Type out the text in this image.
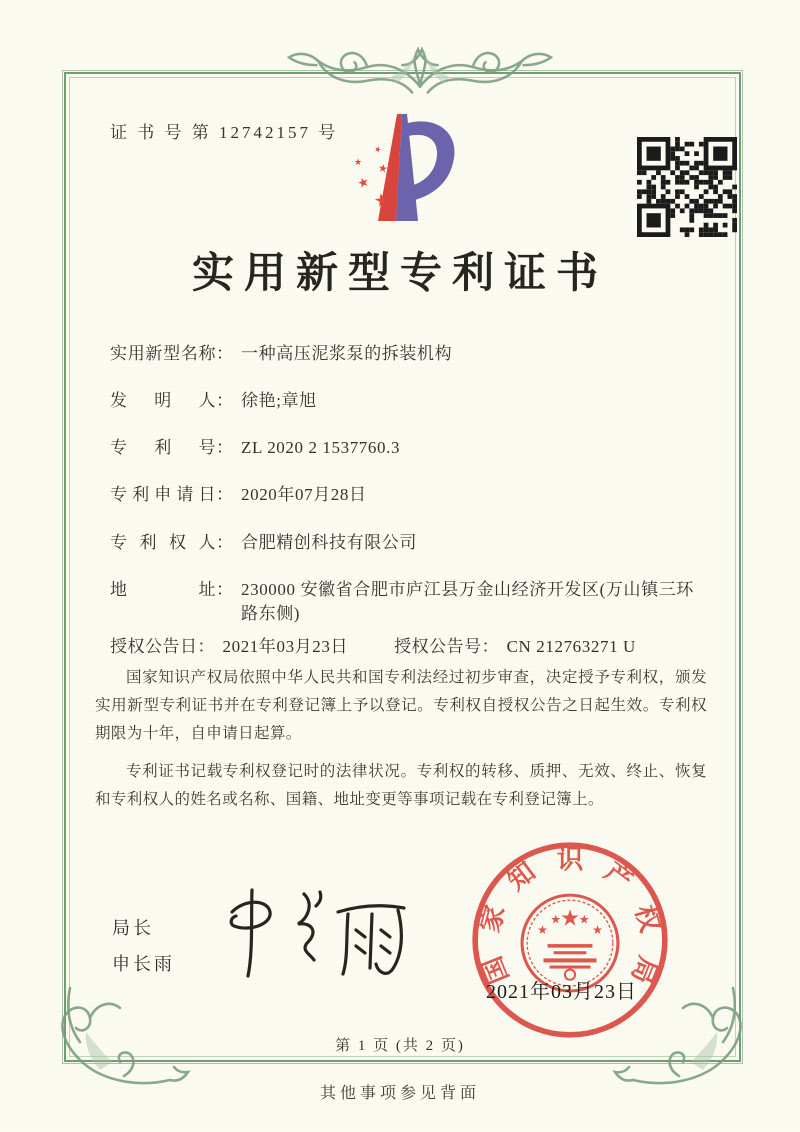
证 书 号 第 12742157 号
★
★
★
★
★
实用新型专利证书
实用新型名称 ： 一种高压泥浆泵的拆装机构
发明人 ： 徐艳;章旭
专利号 ： ZL 2020 2 1537760.3
专利申请日 ： 2020年07月28日
专利权人 ： 合肥精创科技有限公司
地址 ： 230000 安徽省合肥市庐江县万金山经济开发区(万山镇三环路东侧)
授权公告日 ： 2021年03月23日	授权公告号 ： CN 212763271 U

国家知识产权局依照中华人民共和国专利法经过初步审查，决定授予专利权，颁发实用新型专利证书并在专利登记簿上予以登记。专利权自授权公告之日起生效。专利权期限为十年，自申请日起算。

专利证书记载专利权登记时的法律状况。专利权的转移、质押、无效、终止、恢复和专利权人的姓名或名称、国籍、地址变更等事项记载在专利登记簿上。

局长
申长雨	国
家
知 识 产
权
局
★
★
★ ★
★
2021年03月23日
第 1 页 (共 2 页)
其他事项参见背面
